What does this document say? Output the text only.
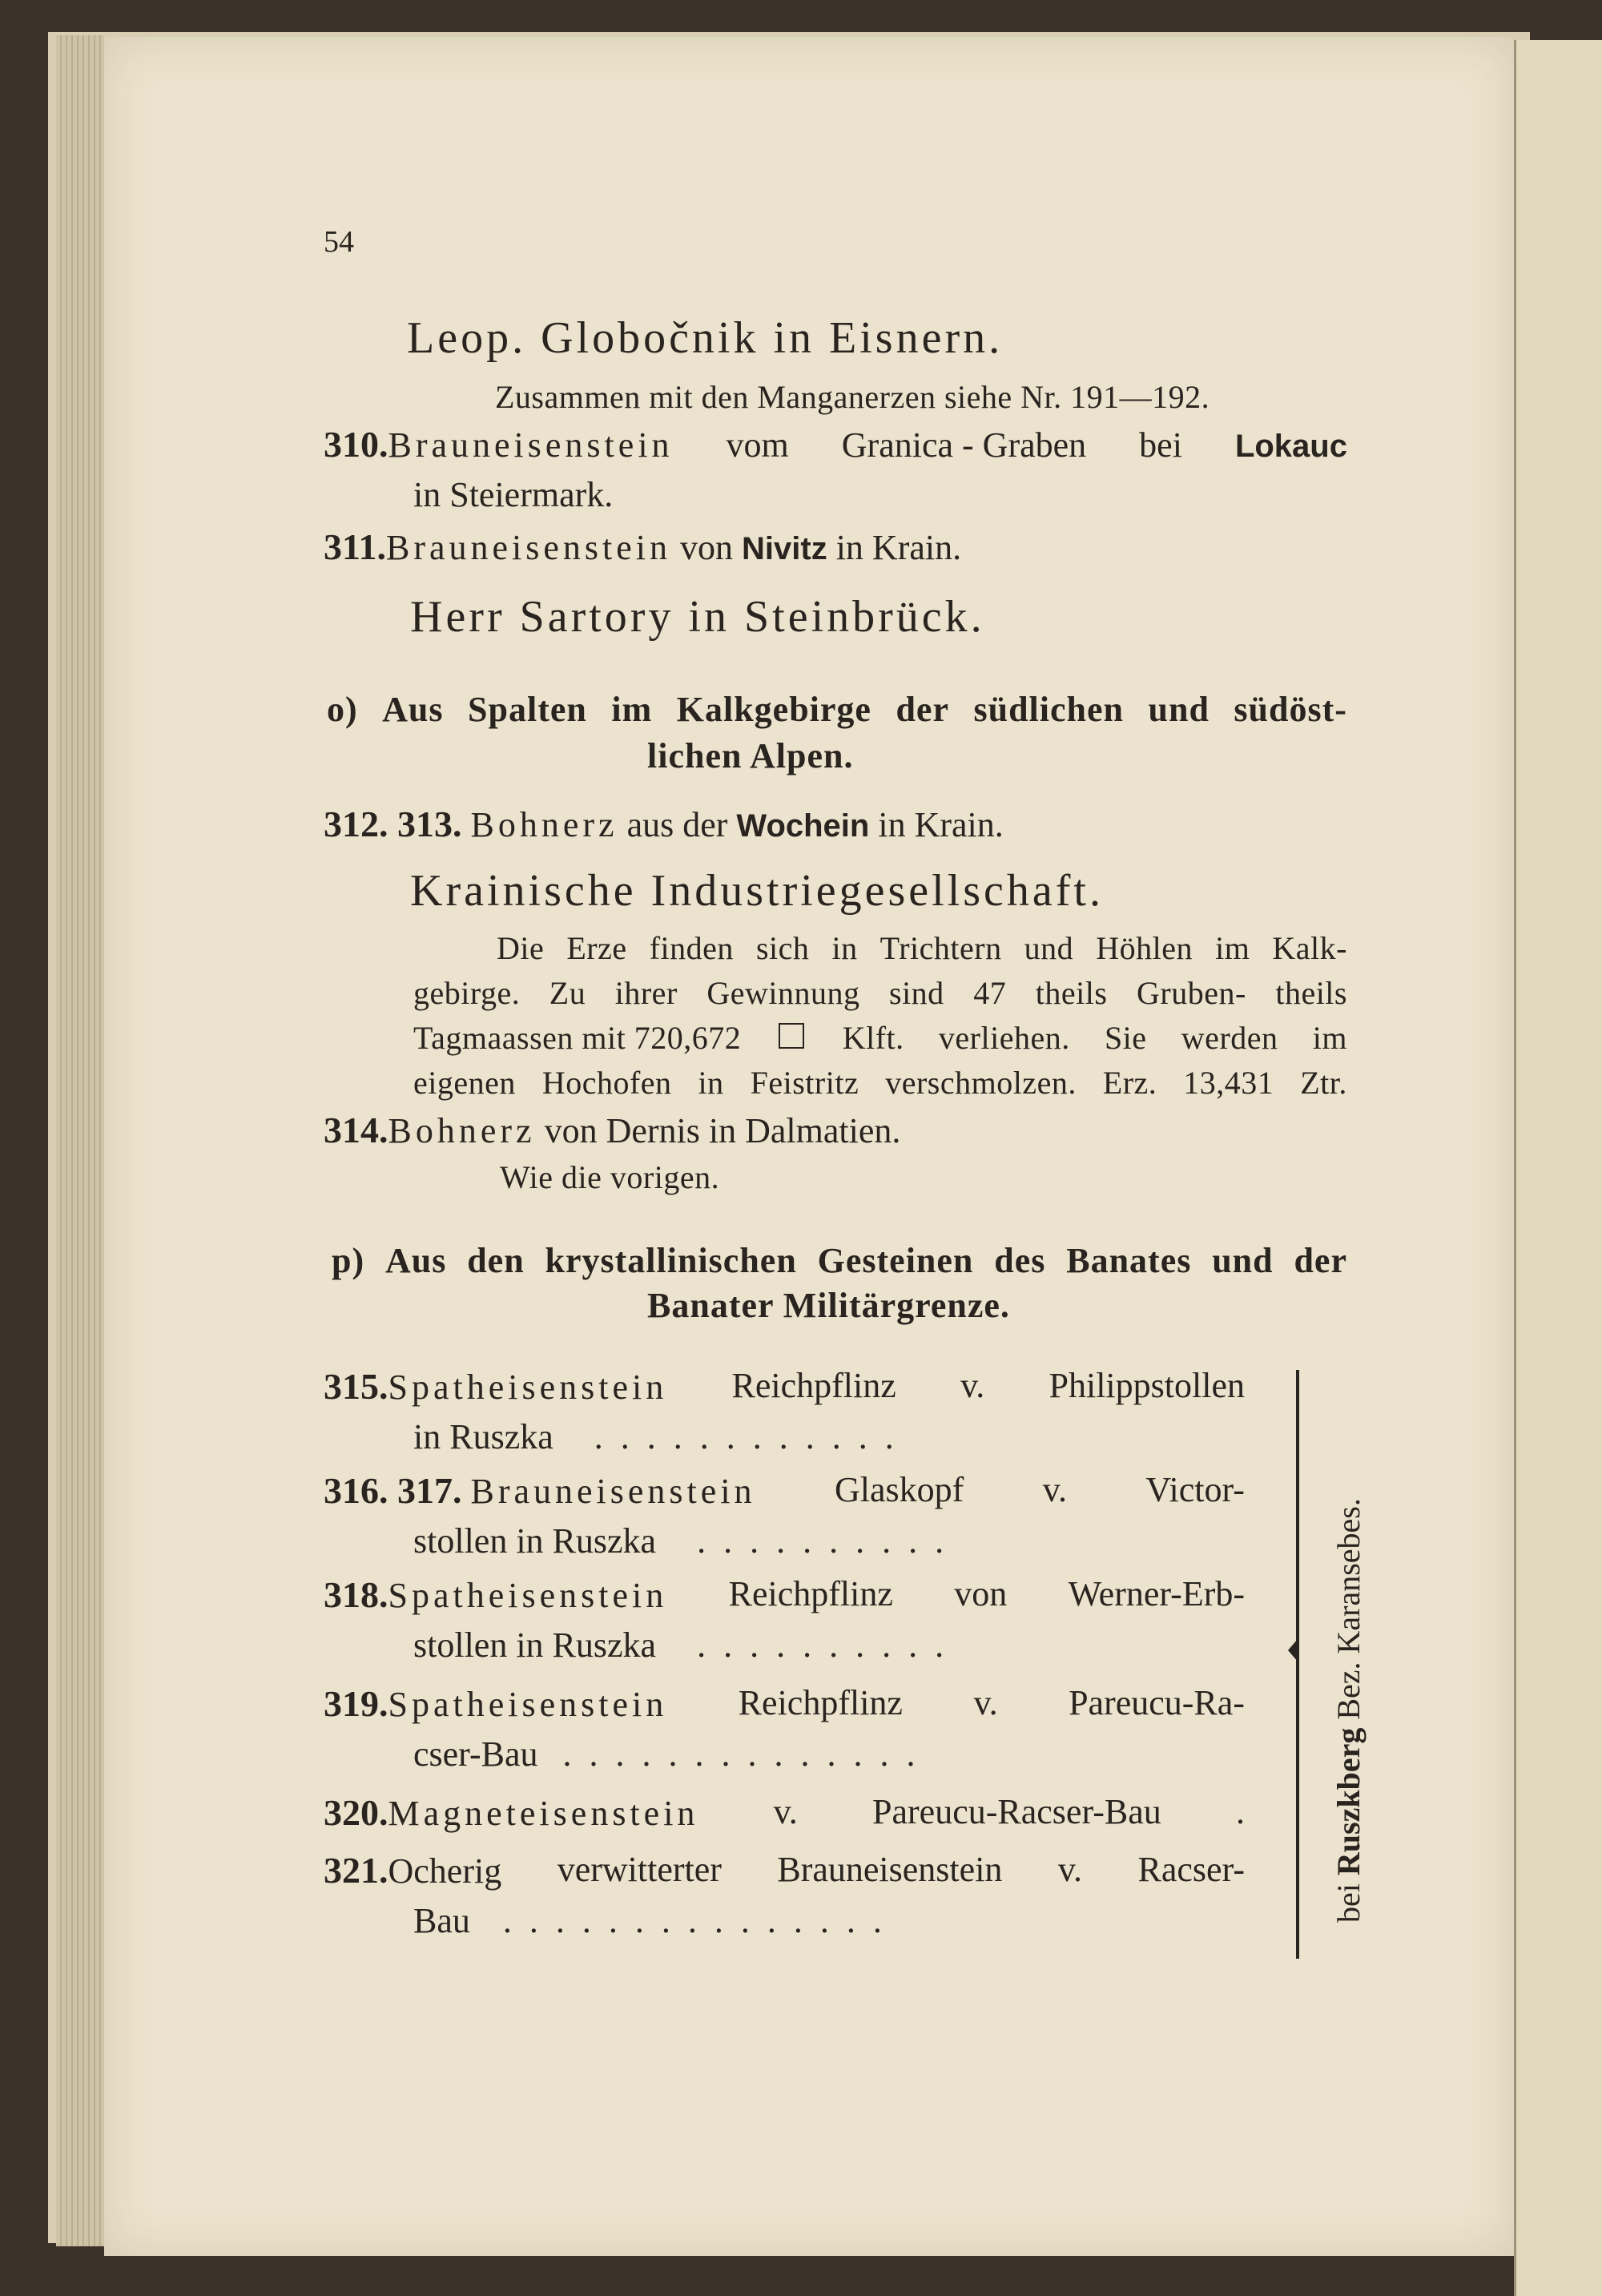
54
Leop. Globočnik in Eisnern.
Zusammen mit den Manganerzen siehe Nr. 191—192.
310.Brauneisenstein vom Granica - Graben bei Lokauc
in Steiermark.
311.Brauneisenstein von Nivitz in Krain.
Herr Sartory in Steinbrück.
o) Aus Spalten im Kalkgebirge der südlichen und südöst-
lichen Alpen.
312. 313. Bohnerz aus der Wochein in Krain.
Krainische Industriegesellschaft.
Die Erze finden sich in Trichtern und Höhlen im Kalk-
gebirge. Zu ihrer Gewinnung sind 47 theils Gruben- theils
Tagmaassen mit 720,672	Klft. verliehen. Sie werden im
eigenen Hochofen in Feistritz verschmolzen. Erz. 13,431 Ztr.
314.Bohnerz von Dernis in Dalmatien.
Wie die vorigen.
p) Aus den krystallinischen Gesteinen des Banates und der
Banater Militärgrenze.
315.Spatheisenstein Reichpflinz v. Philippstollen
in Ruszka ............
316. 317. Brauneisenstein Glaskopf v. Victor-
stollen in Ruszka ..........
318.Spatheisenstein Reichpflinz von Werner-Erb-
stollen in Ruszka ..........
319.Spatheisenstein Reichpflinz v. Pareucu-Ra-
cser-Bau ..............
320.Magneteisenstein v. Pareucu-Racser-Bau .
321.Ocherig verwitterter Brauneisenstein v. Racser-
Bau ...............	bei Ruszkberg Bez. Karansebes.
